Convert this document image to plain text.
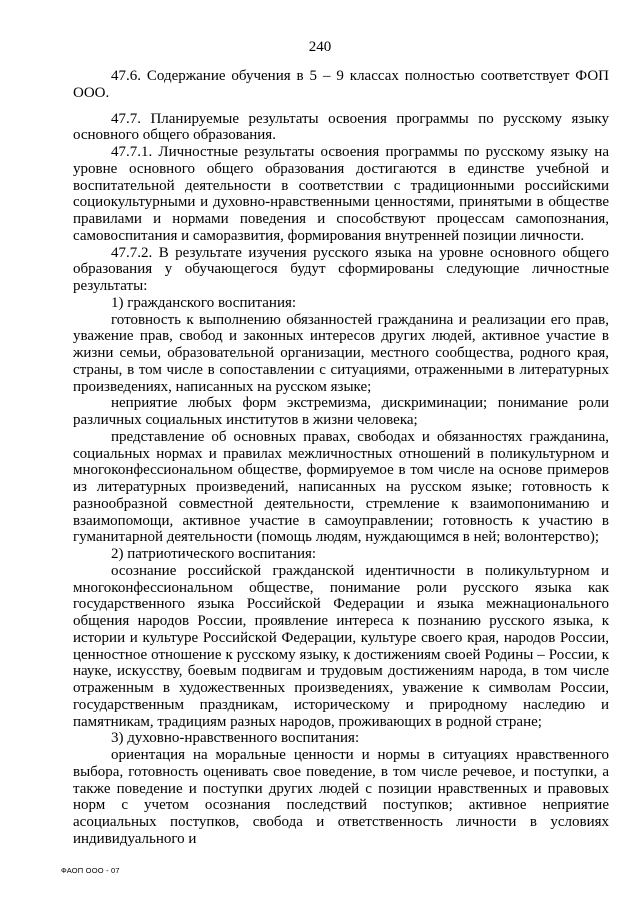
240

47.6. Содержание обучения в 5 – 9 классах полностью соответствует ФОП ООО.

47.7. Планируемые результаты освоения программы по русскому языку основного общего образования.

47.7.1. Личностные результаты освоения программы по русскому языку на уровне основного общего образования достигаются в единстве учебной и воспитательной деятельности в соответствии с традиционными российскими социокультурными и духовно-нравственными ценностями, принятыми в обществе правилами и нормами поведения и способствуют процессам самопознания, самовоспитания и саморазвития, формирования внутренней позиции личности.

47.7.2. В результате изучения русского языка на уровне основного общего образования у обучающегося будут сформированы следующие личностные результаты:

1) гражданского воспитания:

готовность к выполнению обязанностей гражданина и реализации его прав, уважение прав, свобод и законных интересов других людей, активное участие в жизни семьи, образовательной организации, местного сообщества, родного края, страны, в том числе в сопоставлении с ситуациями, отраженными в литературных произведениях, написанных на русском языке;

неприятие любых форм экстремизма, дискриминации; понимание роли различных социальных институтов в жизни человека;

представление об основных правах, свободах и обязанностях гражданина, социальных нормах и правилах межличностных отношений в поликультурном и многоконфессиональном обществе, формируемое в том числе на основе примеров из литературных произведений, написанных на русском языке; готовность к разнообразной совместной деятельности, стремление к взаимопониманию и взаимопомощи, активное участие в самоуправлении; готовность к участию в гуманитарной деятельности (помощь людям, нуждающимся в ней; волонтерство);

2) патриотического воспитания:

осознание российской гражданской идентичности в поликультурном и многоконфессиональном обществе, понимание роли русского языка как государственного языка Российской Федерации и языка межнационального общения народов России, проявление интереса к познанию русского языка, к истории и культуре Российской Федерации, культуре своего края, народов России, ценностное отношение к русскому языку, к достижениям своей Родины – России, к науке, искусству, боевым подвигам и трудовым достижениям народа, в том числе отраженным в художественных произведениях, уважение к символам России, государственным праздникам, историческому и природному наследию и памятникам, традициям разных народов, проживающих в родной стране;

3) духовно-нравственного воспитания:

ориентация на моральные ценности и нормы в ситуациях нравственного выбора, готовность оценивать свое поведение, в том числе речевое, и поступки, а также поведение и поступки других людей с позиции нравственных и правовых норм с учетом осознания последствий поступков; активное неприятие асоциальных поступков, свобода и ответственность личности в условиях индивидуального и

ФАОП ООО - 07
